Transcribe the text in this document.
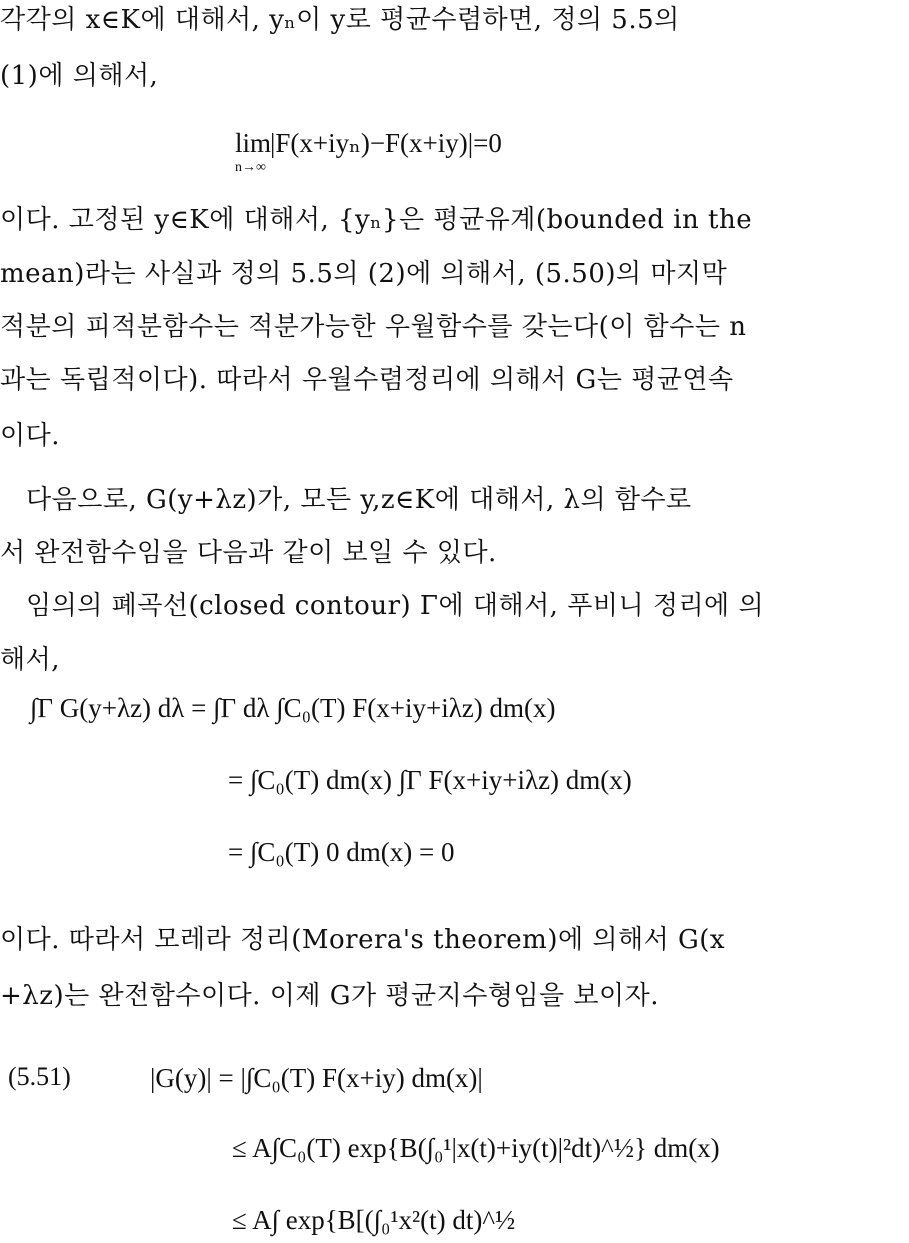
각각의 x∈K에 대해서, yₙ이 y로 평균수렴하면, 정의 5.5의
(1)에 의해서,
lim
n→∞
|F(x+iyₙ)−F(x+iy)|=0
이다. 고정된 y∈K에 대해서, {yₙ}은 평균유계(bounded in the
mean)라는 사실과 정의 5.5의 (2)에 의해서, (5.50)의 마지막
적분의 피적분함수는 적분가능한 우월함수를 갖는다(이 함수는 n
과는 독립적이다). 따라서 우월수렴정리에 의해서 G는 평균연속
이다.
다음으로, G(y+λz)가, 모든 y,z∈K에 대해서, λ의 함수로
서 완전함수임을 다음과 같이 보일 수 있다.
임의의 폐곡선(closed contour) Γ에 대해서, 푸비니 정리에 의
해서,
∫Γ G(y+λz) dλ = ∫Γ dλ ∫C₀(T) F(x+iy+iλz) dm(x)
= ∫C₀(T) dm(x) ∫Γ F(x+iy+iλz) dm(x)
= ∫C₀(T) 0 dm(x) = 0
이다. 따라서 모레라 정리(Morera's theorem)에 의해서 G(x
+λz)는 완전함수이다. 이제 G가 평균지수형임을 보이자.
(5.51)	|G(y)| = |∫C₀(T) F(x+iy) dm(x)|
≤ A∫C₀(T) exp{B(∫₀¹|x(t)+iy(t)|²dt)^½} dm(x)
≤ A∫ exp{B[(∫₀¹x²(t) dt)^½
